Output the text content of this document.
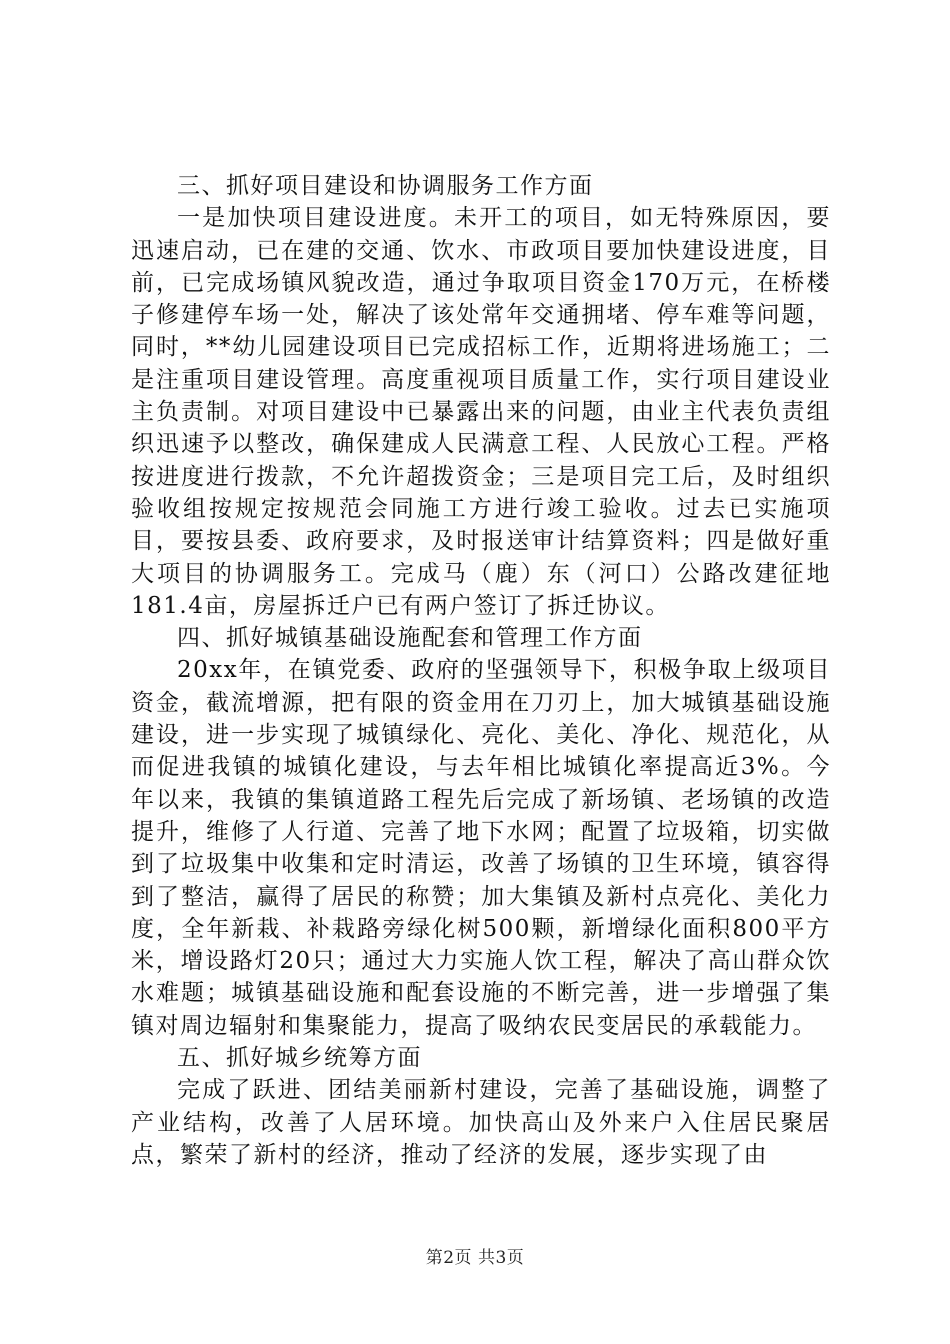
三、抓好项目建设和协调服务工作方面

一是加快项目建设进度。未开工的项目，如无特殊原因，要迅速启动，已在建的交通、饮水、市政项目要加快建设进度，目前，已完成场镇风貌改造，通过争取项目资金170万元，在桥楼子修建停车场一处，解决了该处常年交通拥堵、停车难等问题，同时，**幼儿园建设项目已完成招标工作，近期将进场施工；二是注重项目建设管理。高度重视项目质量工作，实行项目建设业主负责制。对项目建设中已暴露出来的问题，由业主代表负责组织迅速予以整改，确保建成人民满意工程、人民放心工程。严格按进度进行拨款，不允许超拨资金；三是项目完工后，及时组织验收组按规定按规范会同施工方进行竣工验收。过去已实施项目，要按县委、政府要求，及时报送审计结算资料；四是做好重大项目的协调服务工。完成马（鹿）东（河口）公路改建征地181.4亩，房屋拆迁户已有两户签订了拆迁协议。

四、抓好城镇基础设施配套和管理工作方面

20xx年，在镇党委、政府的坚强领导下，积极争取上级项目资金，截流增源，把有限的资金用在刀刃上，加大城镇基础设施建设，进一步实现了城镇绿化、亮化、美化、净化、规范化，从而促进我镇的城镇化建设，与去年相比城镇化率提高近3%。今年以来，我镇的集镇道路工程先后完成了新场镇、老场镇的改造提升，维修了人行道、完善了地下水网；配置了垃圾箱，切实做到了垃圾集中收集和定时清运，改善了场镇的卫生环境，镇容得到了整洁，赢得了居民的称赞；加大集镇及新村点亮化、美化力度，全年新栽、补栽路旁绿化树500颗，新增绿化面积800平方米，增设路灯20只；通过大力实施人饮工程，解决了高山群众饮水难题；城镇基础设施和配套设施的不断完善，进一步增强了集镇对周边辐射和集聚能力，提高了吸纳农民变居民的承载能力。

五、抓好城乡统筹方面

完成了跃进、团结美丽新村建设，完善了基础设施，调整了产业结构，改善了人居环境。加快高山及外来户入住居民聚居点，繁荣了新村的经济，推动了经济的发展，逐步实现了由

第2页 共3页
